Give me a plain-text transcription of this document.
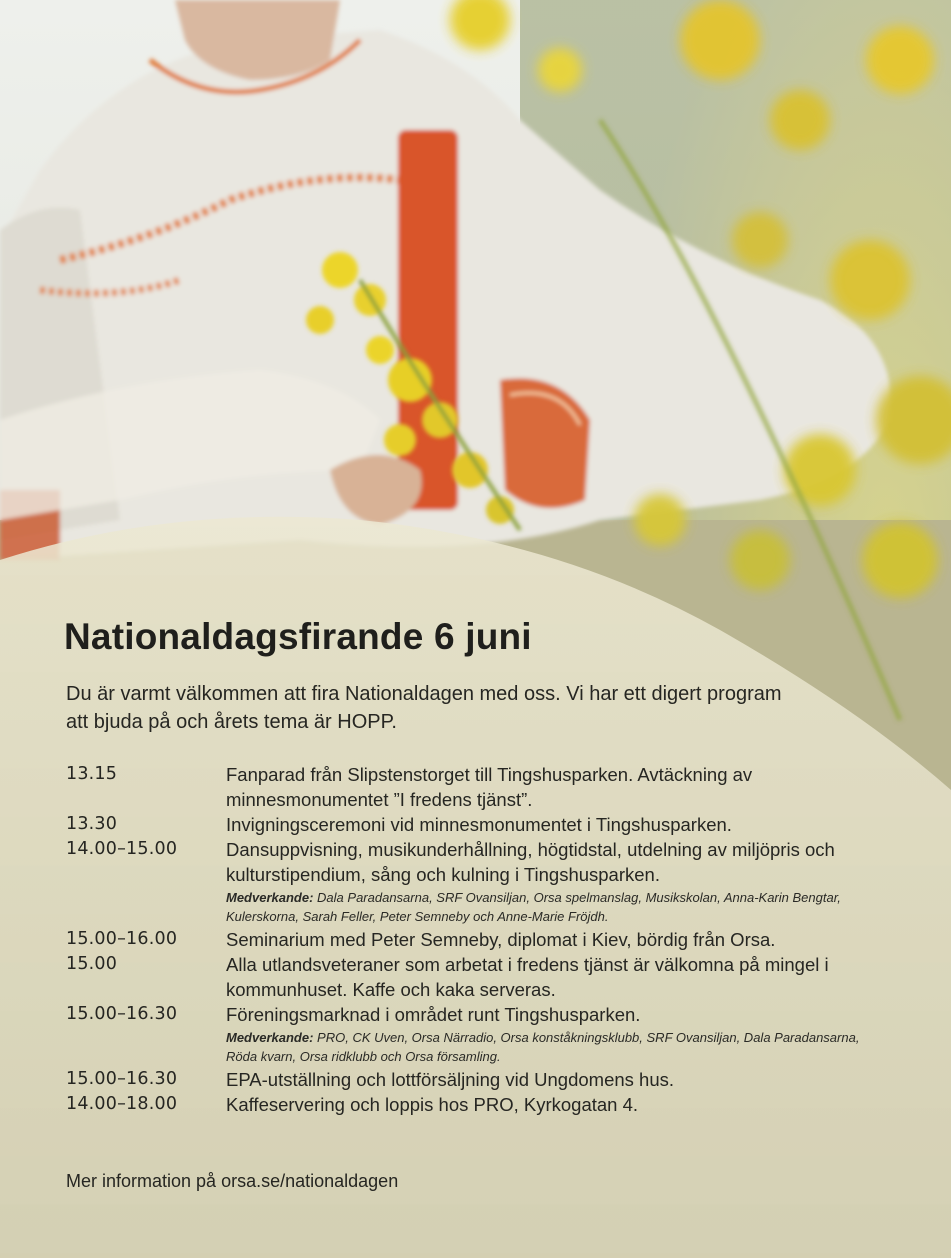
Nationaldagsfirande 6 juni
Du är varmt välkommen att fira Nationaldagen med oss. Vi har ett digert program att bjuda på och årets tema är HOPP.
13.15	Fanparad från Slipstenstorget till Tingshusparken. Avtäckning av minnesmonumentet ”I fredens tjänst”.
13.30	Invigningsceremoni vid minnesmonumentet i Tingshusparken.
14.00–15.00	Dansuppvisning, musikunderhållning, högtidstal, utdelning av miljöpris och kulturstipendium, sång och kulning i Tingshusparken.
Medverkande: Dala Paradansarna, SRF Ovansiljan, Orsa spelmanslag, Musikskolan, Anna-Karin Bengtar, Kulerskorna, Sarah Feller, Peter Semneby och Anne-Marie Fröjdh.
15.00–16.00	Seminarium med Peter Semneby, diplomat i Kiev, bördig från Orsa.
15.00	Alla utlandsveteraner som arbetat i fredens tjänst är välkomna på mingel i kommunhuset. Kaffe och kaka serveras.
15.00–16.30	Föreningsmarknad i området runt Tingshusparken.
Medverkande: PRO, CK Uven, Orsa Närradio, Orsa konståkningsklubb, SRF Ovansiljan, Dala Paradansarna, Röda kvarn, Orsa ridklubb och Orsa församling.
15.00–16.30	EPA-utställning och lottförsäljning vid Ungdomens hus.
14.00–18.00	Kaffeservering och loppis hos PRO, Kyrkogatan 4.
Mer information på orsa.se/nationaldagen
